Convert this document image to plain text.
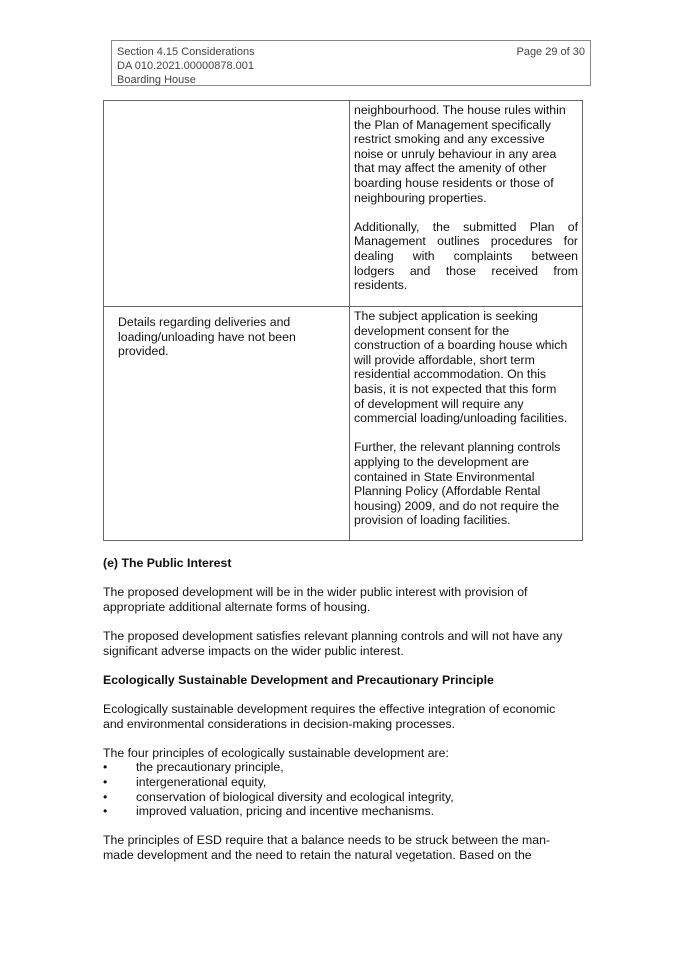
Section 4.15 Considerations
DA 010.2021.00000878.001
Boarding House
Page 29 of 30

neighbourhood. The house rules within

the Plan of Management specifically

restrict smoking and any excessive

noise or unruly behaviour in any area

that may affect the amenity of other

boarding house residents or those of

neighbouring properties.

Additionally, the submitted Plan of

Management outlines procedures for

dealing with complaints between

lodgers and those received from

residents.

Details regarding deliveries and

loading/unloading have not been

provided.

The subject application is seeking

development consent for the

construction of a boarding house which

will provide affordable, short term

residential accommodation. On this

basis, it is not expected that this form

of development will require any

commercial loading/unloading facilities.

Further, the relevant planning controls

applying to the development are

contained in State Environmental

Planning Policy (Affordable Rental

housing) 2009, and do not require the

provision of loading facilities.

(e) The Public Interest

The proposed development will be in the wider public interest with provision of

appropriate additional alternate forms of housing.

The proposed development satisfies relevant planning controls and will not have any

significant adverse impacts on the wider public interest.

Ecologically Sustainable Development and Precautionary Principle

Ecologically sustainable development requires the effective integration of economic

and environmental considerations in decision-making processes.

The four principles of ecologically sustainable development are:

• the precautionary principle,
• intergenerational equity,
• conservation of biological diversity and ecological integrity,
• improved valuation, pricing and incentive mechanisms.

The principles of ESD require that a balance needs to be struck between the man-

made development and the need to retain the natural vegetation. Based on the
